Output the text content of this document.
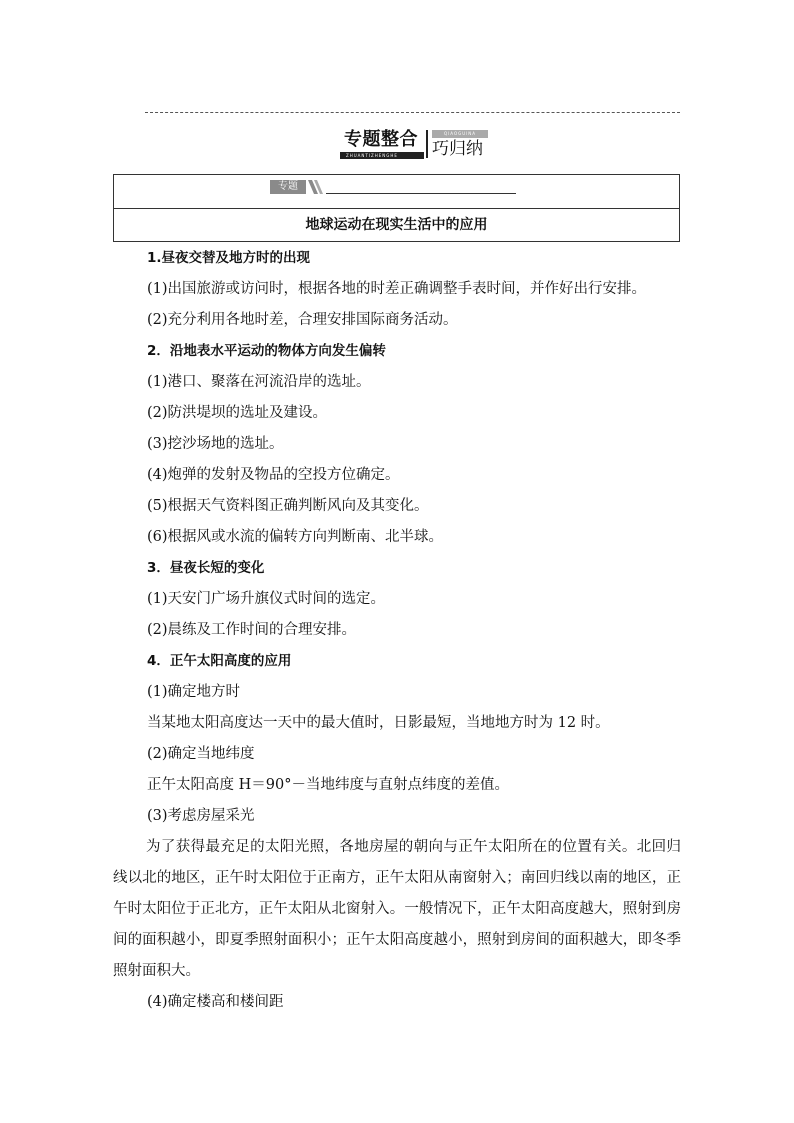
专题整合
ZHUANTIZHENGHE
QIAOGUINA
巧归纳
专题
地球运动在现实生活中的应用
1.昼夜交替及地方时的出现
(1)出国旅游或访问时，根据各地的时差正确调整手表时间，并作好出行安排。
(2)充分利用各地时差，合理安排国际商务活动。
2．沿地表水平运动的物体方向发生偏转
(1)港口、聚落在河流沿岸的选址。
(2)防洪堤坝的选址及建设。
(3)挖沙场地的选址。
(4)炮弹的发射及物品的空投方位确定。
(5)根据天气资料图正确判断风向及其变化。
(6)根据风或水流的偏转方向判断南、北半球。
3．昼夜长短的变化
(1)天安门广场升旗仪式时间的选定。
(2)晨练及工作时间的合理安排。
4．正午太阳高度的应用
(1)确定地方时
当某地太阳高度达一天中的最大值时，日影最短，当地地方时为 12 时。
(2)确定当地纬度
正午太阳高度 H＝90°－当地纬度与直射点纬度的差值。
(3)考虑房屋采光
为了获得最充足的太阳光照，各地房屋的朝向与正午太阳所在的位置有关。北回归线以北的地区，正午时太阳位于正南方，正午太阳从南窗射入；南回归线以南的地区，正午时太阳位于正北方，正午太阳从北窗射入。一般情况下，正午太阳高度越大，照射到房间的面积越小，即夏季照射面积小；正午太阳高度越小，照射到房间的面积越大，即冬季照射面积大。
(4)确定楼高和楼间距
